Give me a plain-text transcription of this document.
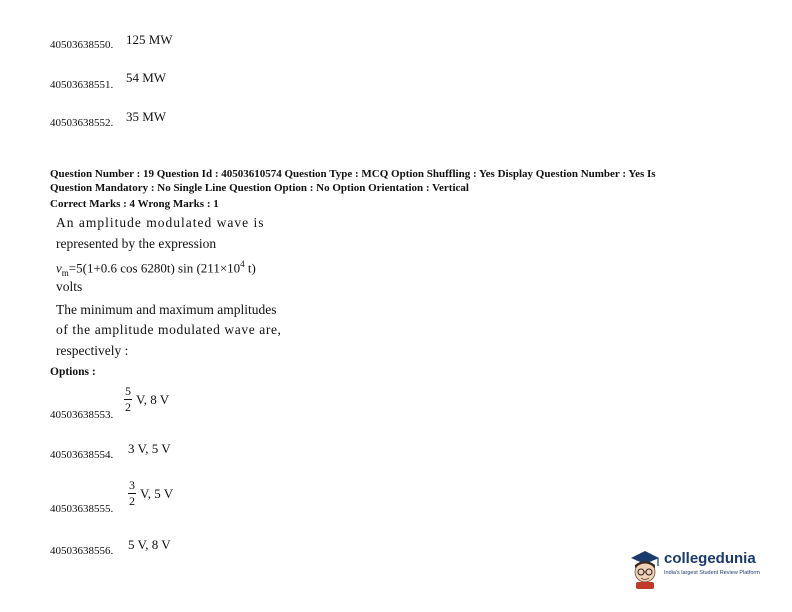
40503638550. 125 MW
40503638551. 54 MW
40503638552. 35 MW
Question Number : 19 Question Id : 40503610574 Question Type : MCQ Option Shuffling : Yes Display Question Number : Yes Is
Question Mandatory : No Single Line Question Option : No Option Orientation : Vertical
Correct Marks : 4 Wrong Marks : 1
An amplitude modulated wave is
represented by the expression
$v_m=5(1+0.6$ cos 6280t) $\sin (211\times 10^4$ t)
volts
The minimum and maximum amplitudes
of the amplitude modulated wave are,
respectively :
Options :
40503638553.
$\frac{5}{2} V$, 8 V
40503638554. 3 V, 5 V
40503638555.
$\frac{3}{2} V$, 5 V
40503638556. 5 V, 8 V
collegedunia
India's largest Student Review Platform
